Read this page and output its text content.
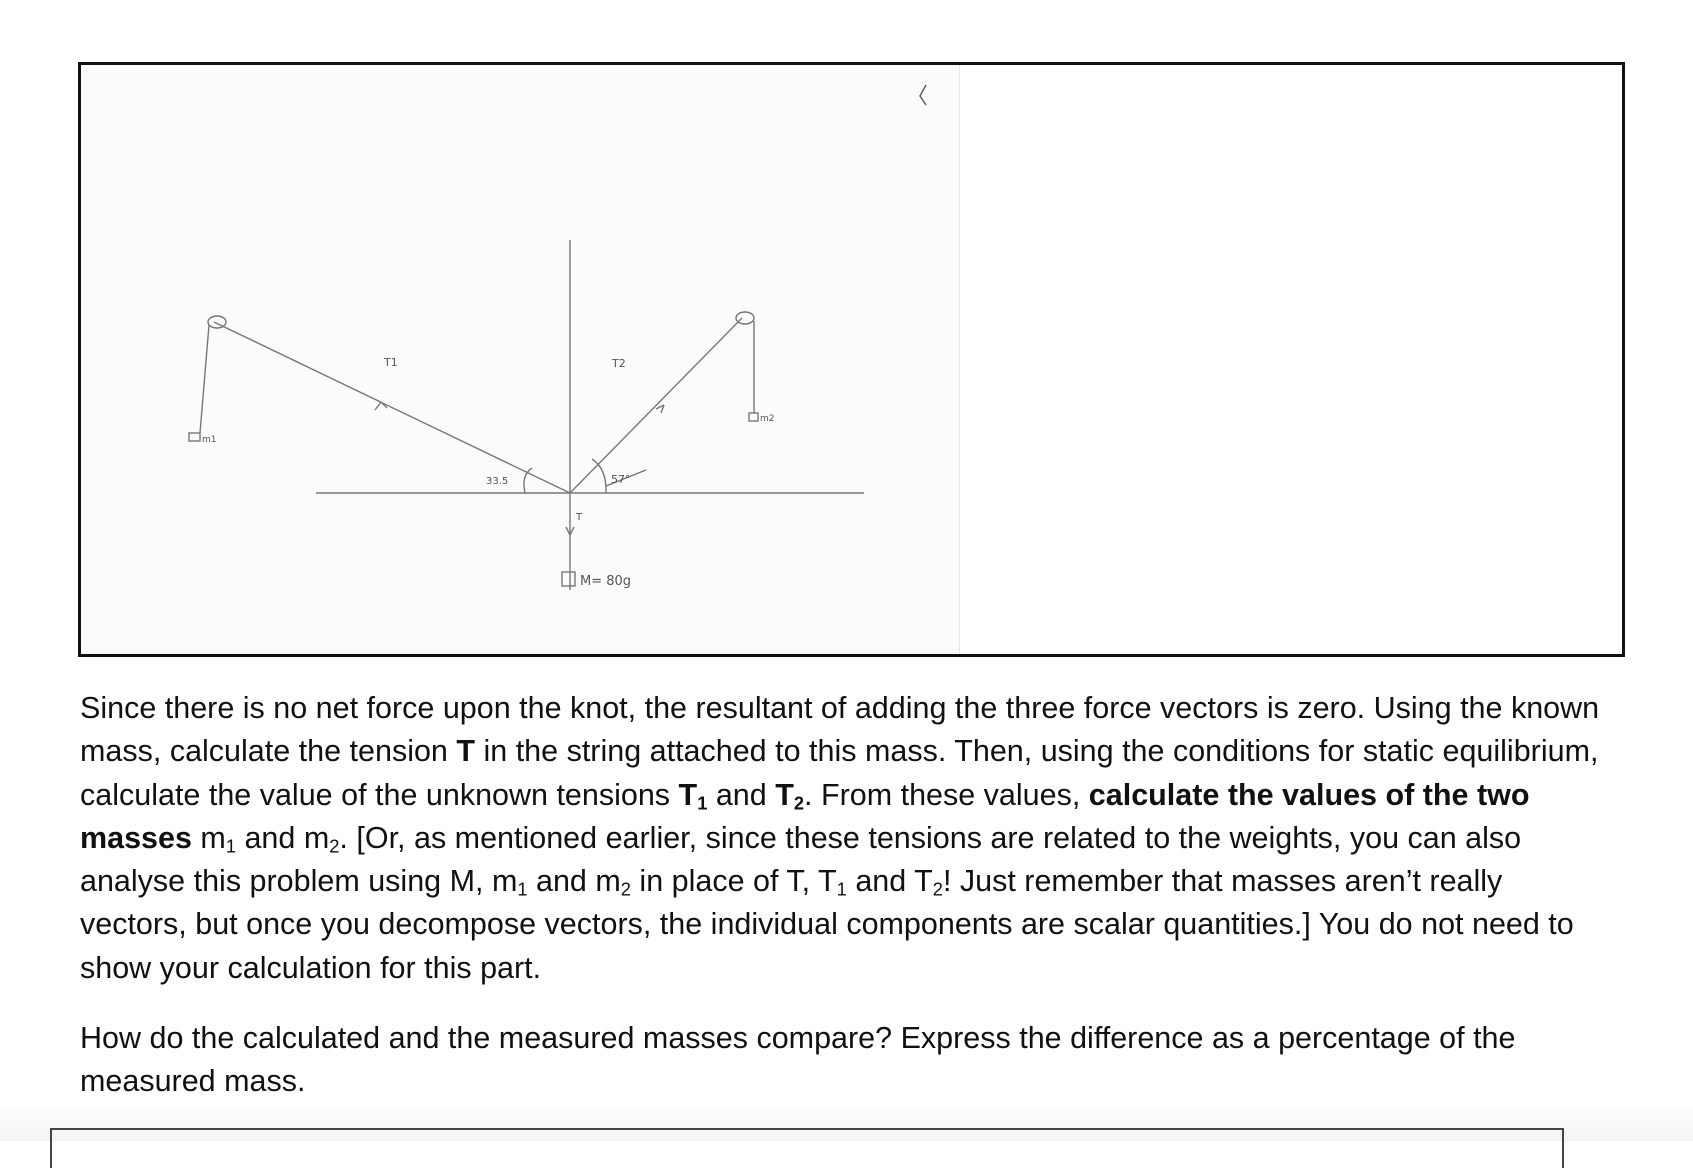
T1	T2
T
m1
m2
M= 80g
33.5	57°

Since there is no net force upon the knot, the resultant of adding the three force vectors is zero. Using the known mass, calculate the tension T in the string attached to this mass. Then, using the conditions for static equilibrium, calculate the value of the unknown tensions $T_1$ and $T_2$. From these values, calculate the values of the two masses $m_1$ and $m_2$. [Or, as mentioned earlier, since these tensions are related to the weights, you can also analyse this problem using M, $m_1$ and $m_2$ in place of T, $T_1$ and $T_2$! Just remember that masses aren’t really vectors, but once you decompose vectors, the individual components are scalar quantities.] You do not need to show your calculation for this part.

How do the calculated and the measured masses compare? Express the difference as a percentage of the measured mass.
